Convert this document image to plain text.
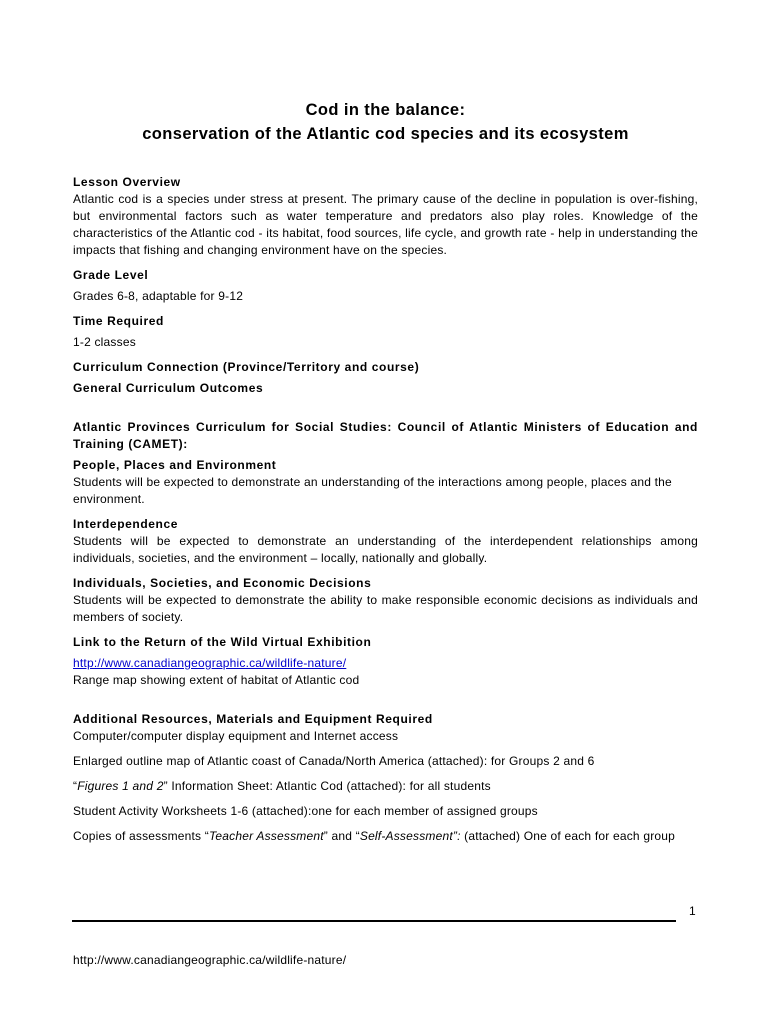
Cod in the balance:
conservation of the Atlantic cod species and its ecosystem
Lesson Overview

Atlantic cod is a species under stress at present. The primary cause of the decline in population is over-fishing, but environmental factors such as water temperature and predators also play roles. Knowledge of the characteristics of the Atlantic cod - its habitat, food sources, life cycle, and growth rate - help in understanding the impacts that fishing and changing environment have on the species.

Grade Level

Grades 6-8, adaptable for 9-12

Time Required

1-2 classes

Curriculum Connection (Province/Territory and course)
General Curriculum Outcomes
Atlantic Provinces Curriculum for Social Studies: Council of Atlantic Ministers of Education and Training (CAMET):
People, Places and Environment

Students will be expected to demonstrate an understanding of the interactions among people, places and the environment.

Interdependence

Students will be expected to demonstrate an understanding of the interdependent relationships among individuals, societies, and the environment – locally, nationally and globally.

Individuals, Societies, and Economic Decisions

Students will be expected to demonstrate the ability to make responsible economic decisions as individuals and members of society.

Link to the Return of the Wild Virtual Exhibition

http://www.canadiangeographic.ca/wildlife-nature/

Range map showing extent of habitat of Atlantic cod

Additional Resources, Materials and Equipment Required

Computer/computer display equipment and Internet access

Enlarged outline map of Atlantic coast of Canada/North America (attached): for Groups 2 and 6

“Figures 1 and 2” Information Sheet: Atlantic Cod (attached): for all students

Student Activity Worksheets 1-6 (attached):one for each member of assigned groups

Copies of assessments “Teacher Assessment” and “Self-Assessment”: (attached) One of each for each group

1
http://www.canadiangeographic.ca/wildlife-nature/
